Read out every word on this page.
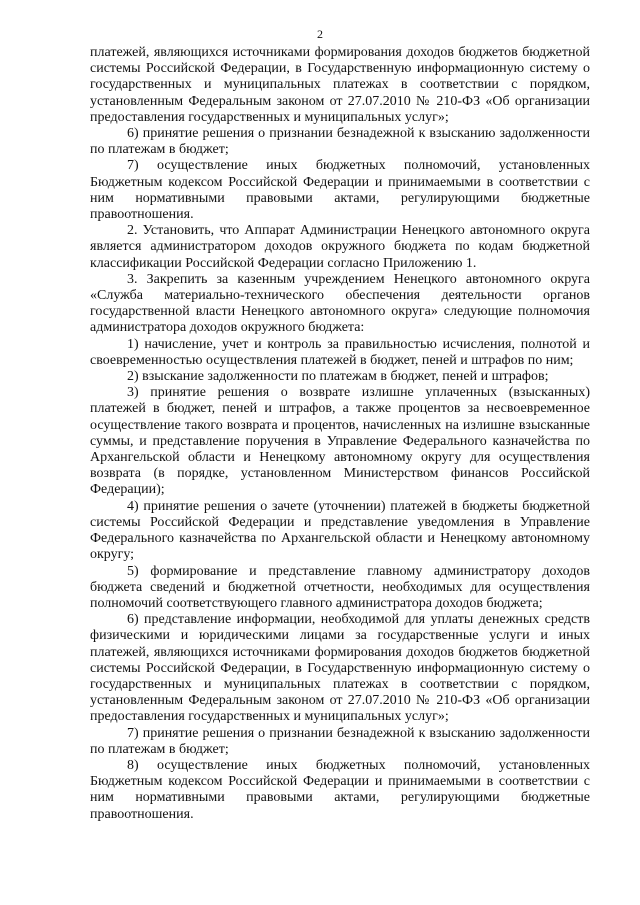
2

платежей, являющихся источниками формирования доходов бюджетов бюджетной системы Российской Федерации, в Государственную информационную систему о государственных и муниципальных платежах в соответствии с порядком, установленным Федеральным законом от 27.07.2010 № 210-ФЗ «Об организации предоставления государственных и муниципальных услуг»;

6) принятие решения о признании безнадежной к взысканию задолженности по платежам в бюджет;

7) осуществление иных бюджетных полномочий, установленных Бюджетным кодексом Российской Федерации и принимаемыми в соответствии с ним нормативными правовыми актами, регулирующими бюджетные правоотношения.

2. Установить, что Аппарат Администрации Ненецкого автономного округа является администратором доходов окружного бюджета по кодам бюджетной классификации Российской Федерации согласно Приложению 1.

3. Закрепить за казенным учреждением Ненецкого автономного округа «Служба материально-технического обеспечения деятельности органов государственной власти Ненецкого автономного округа» следующие полномочия администратора доходов окружного бюджета:

1) начисление, учет и контроль за правильностью исчисления, полнотой и своевременностью осуществления платежей в бюджет, пеней и штрафов по ним;

2) взыскание задолженности по платежам в бюджет, пеней и штрафов;

3) принятие решения о возврате излишне уплаченных (взысканных) платежей в бюджет, пеней и штрафов, а также процентов за несвоевременное осуществление такого возврата и процентов, начисленных на излишне взысканные суммы, и представление поручения в Управление Федерального казначейства по Архангельской области и Ненецкому автономному округу для осуществления возврата (в порядке, установленном Министерством финансов Российской Федерации);

4) принятие решения о зачете (уточнении) платежей в бюджеты бюджетной системы Российской Федерации и представление уведомления в Управление Федерального казначейства по Архангельской области и Ненецкому автономному округу;

5) формирование и представление главному администратору доходов бюджета сведений и бюджетной отчетности, необходимых для осуществления полномочий соответствующего главного администратора доходов бюджета;

6) представление информации, необходимой для уплаты денежных средств физическими и юридическими лицами за государственные услуги и иных платежей, являющихся источниками формирования доходов бюджетов бюджетной системы Российской Федерации, в Государственную информационную систему о государственных и муниципальных платежах в соответствии с порядком, установленным Федеральным законом от 27.07.2010 № 210-ФЗ «Об организации предоставления государственных и муниципальных услуг»;

7) принятие решения о признании безнадежной к взысканию задолженности по платежам в бюджет;

8) осуществление иных бюджетных полномочий, установленных Бюджетным кодексом Российской Федерации и принимаемыми в соответствии с ним нормативными правовыми актами, регулирующими бюджетные правоотношения.
